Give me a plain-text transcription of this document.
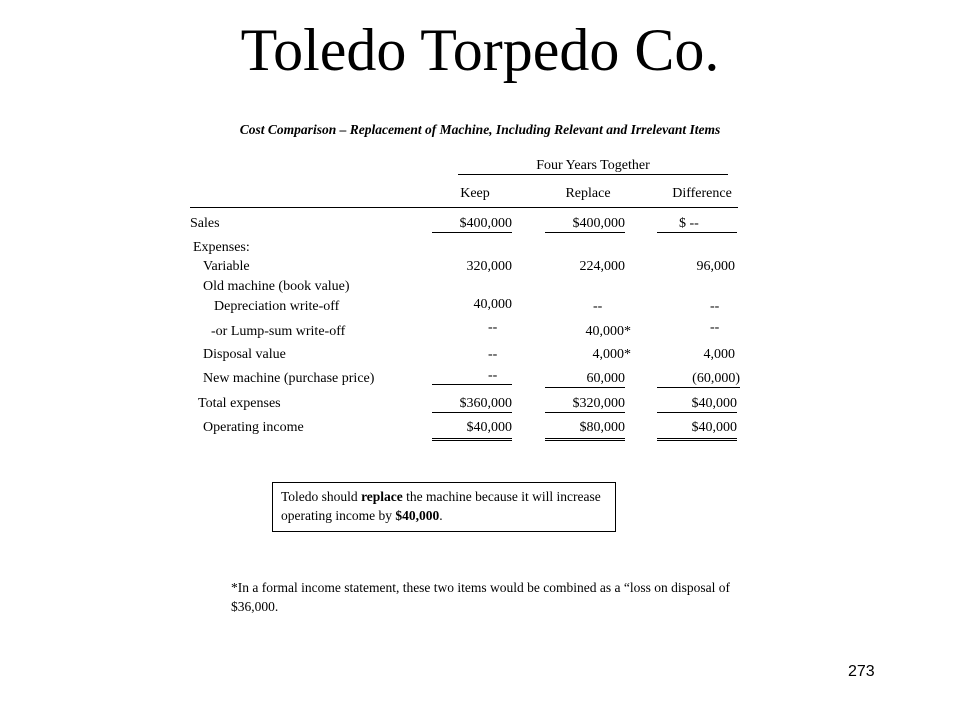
Toledo Torpedo Co.
Cost Comparison – Replacement of Machine, Including Relevant and Irrelevant Items
Four Years Together
Keep	Replace	Difference
Sales	$400,000	$400,000	$ --
Expenses:
Variable	320,000	224,000	96,000
Old machine (book value)
Depreciation write-off	40,000	--	--
-or Lump-sum write-off	--	40,000*	--
Disposal value	--	4,000*	4,000
New machine (purchase price)	--	60,000	(60,000)
Total expenses	$360,000	$320,000	$40,000
Operating income	$40,000	$80,000	$40,000
Toledo should replace the machine because it will increase operating income by $40,000.
*In a formal income statement, these two items would be combined as a “loss on disposal of $36,000.
273
